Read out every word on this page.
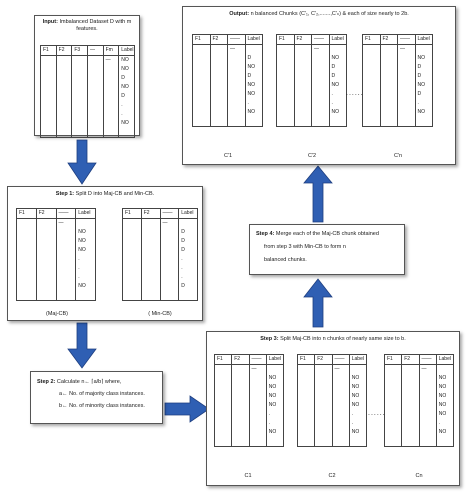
Input: Imbalanced Dataset D with m
features.
F1	F2	F3	—	Fm	Label
				—	NO
					NO
					D
					NO
					D
					.
					.
					NO

Output: n balanced Chunks (C'₁, C'₂,.......,C'ₙ) & each of size nearly to 2b.
F1	F2	——	Label
		—	
			D
			NO
			D
			NO
			NO
			.
			NO

F1	F2	——	Label
		—	
			NO
			D
			D
			NO
			.
			.
			NO

......
F1	F2	——	Label
		—	
			NO
			D
			D
			NO
			D
			.
			NO

C'1	C'2	C'n
Step 1: Split D into Maj-CB and Min-CB.
F1	F2	——	Label
		—	
			NO
			NO
			NO
			.
			.
			.
			NO

F1	F2	——	Label
		—	
			D
			D
			D
			.
			.
			.
			D

(Maj-CB)	( Min-CB)
Step 2: Calculate n← ⌈a/b⌉ where,
a← No. of majority class instances.
b← No. of minority class instances.
Step 3: Split Maj-CB into n chunks of nearly same size to b.
F1	F2	——	Label
		—	
			NO
			NO
			NO
			NO
			.
			.
			NO

F1	F2	——	Label
		—	
			NO
			NO
			NO
			NO
			.
			.
			NO

......
F1	F2	——	Label
		—	
			NO
			NO
			NO
			NO
			NO
			.
			NO

C1	C2	Cn
Step 4: Merge each of the Maj-CB chunk obtained
from step 3 with Min-CB to form n
balanced chunks.
